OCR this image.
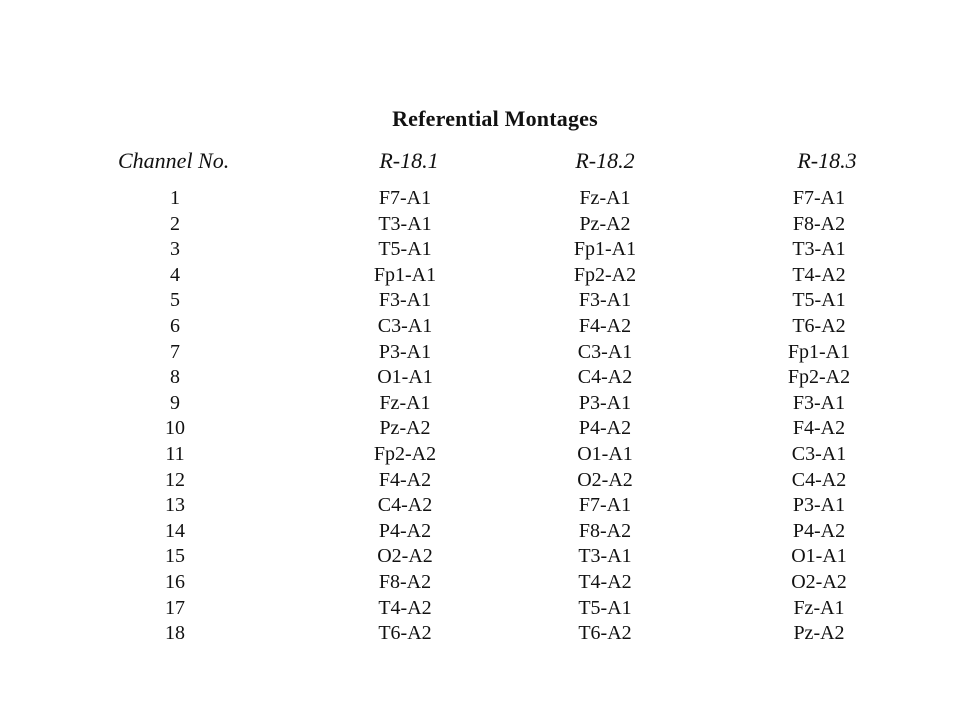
Referential Montages
Channel No.	R-18.1	R-18.2	R-18.3
1	F7-A1	Fz-A1	F7-A1
2	T3-A1	Pz-A2	F8-A2
3	T5-A1	Fp1-A1	T3-A1
4	Fp1-A1	Fp2-A2	T4-A2
5	F3-A1	F3-A1	T5-A1
6	C3-A1	F4-A2	T6-A2
7	P3-A1	C3-A1	Fp1-A1
8	O1-A1	C4-A2	Fp2-A2
9	Fz-A1	P3-A1	F3-A1
10	Pz-A2	P4-A2	F4-A2
11	Fp2-A2	O1-A1	C3-A1
12	F4-A2	O2-A2	C4-A2
13	C4-A2	F7-A1	P3-A1
14	P4-A2	F8-A2	P4-A2
15	O2-A2	T3-A1	O1-A1
16	F8-A2	T4-A2	O2-A2
17	T4-A2	T5-A1	Fz-A1
18	T6-A2	T6-A2	Pz-A2
